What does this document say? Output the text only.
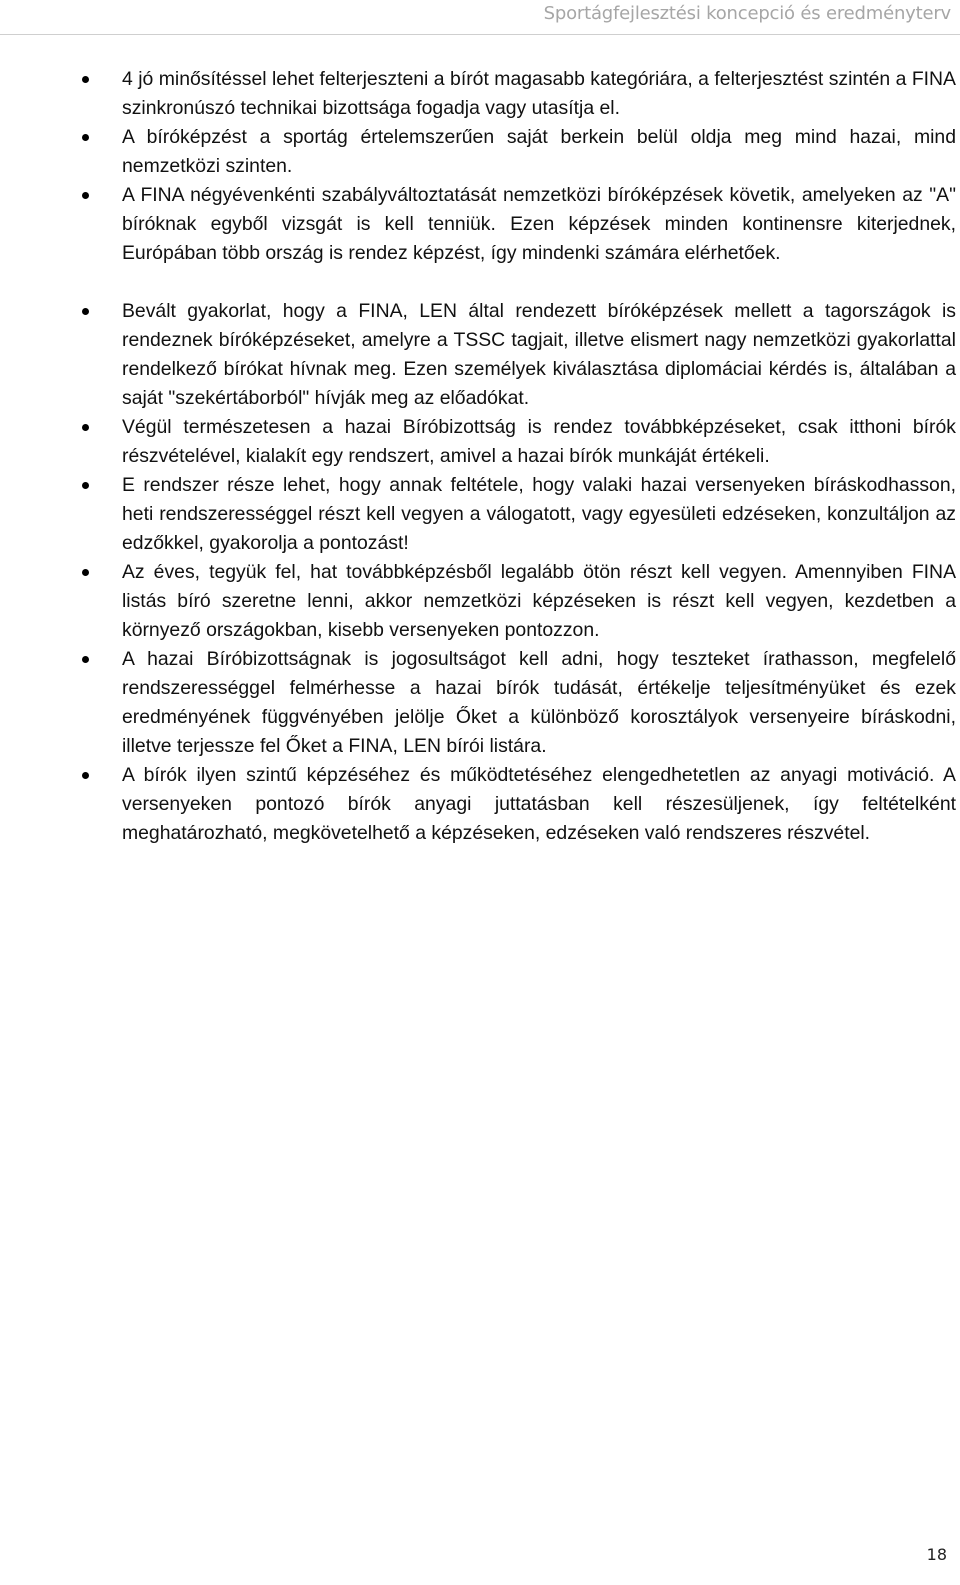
Sportágfejlesztési koncepció és eredményterv
4 jó minősítéssel lehet felterjeszteni a bírót magasabb kategóriára, a felterjesztést szintén a FINA szinkronúszó technikai bizottsága fogadja vagy utasítja el.
A bíróképzést a sportág értelemszerűen saját berkein belül oldja meg mind hazai, mind nemzetközi szinten.
A FINA négyévenkénti szabályváltoztatását nemzetközi bíróképzések követik, amelyeken az "A" bíróknak egyből vizsgát is kell tenniük. Ezen képzések minden kontinensre kiterjednek, Európában több ország is rendez képzést, így mindenki számára elérhetőek.
Bevált gyakorlat, hogy a FINA, LEN által rendezett bíróképzések mellett a tagországok is rendeznek bíróképzéseket, amelyre a TSSC tagjait, illetve elismert nagy nemzetközi gyakorlattal rendelkező bírókat hívnak meg. Ezen személyek kiválasztása diplomáciai kérdés is, általában a saját "szekértáborból" hívják meg az előadókat.
Végül természetesen a hazai Bíróbizottság is rendez továbbképzéseket, csak itthoni bírók részvételével, kialakít egy rendszert, amivel a hazai bírók munkáját értékeli.
E rendszer része lehet, hogy annak feltétele, hogy valaki hazai versenyeken bíráskodhasson, heti rendszerességgel részt kell vegyen a válogatott, vagy egyesületi edzéseken, konzultáljon az edzőkkel, gyakorolja a pontozást!
Az éves, tegyük fel, hat továbbképzésből legalább ötön részt kell vegyen. Amennyiben FINA listás bíró szeretne lenni, akkor nemzetközi képzéseken is részt kell vegyen, kezdetben a környező országokban, kisebb versenyeken pontozzon.
A hazai Bíróbizottságnak is jogosultságot kell adni, hogy teszteket írathasson, megfelelő rendszerességgel felmérhesse a hazai bírók tudását, értékelje teljesítményüket és ezek eredményének függvényében jelölje Őket a különböző korosztályok versenyeire bíráskodni, illetve terjessze fel Őket a FINA, LEN bírói listára.
A bírók ilyen szintű képzéséhez és működtetéséhez elengedhetetlen az anyagi motiváció. A versenyeken pontozó bírók anyagi juttatásban kell részesüljenek, így feltételként meghatározható, megkövetelhető a képzéseken, edzéseken való rendszeres részvétel.
18
